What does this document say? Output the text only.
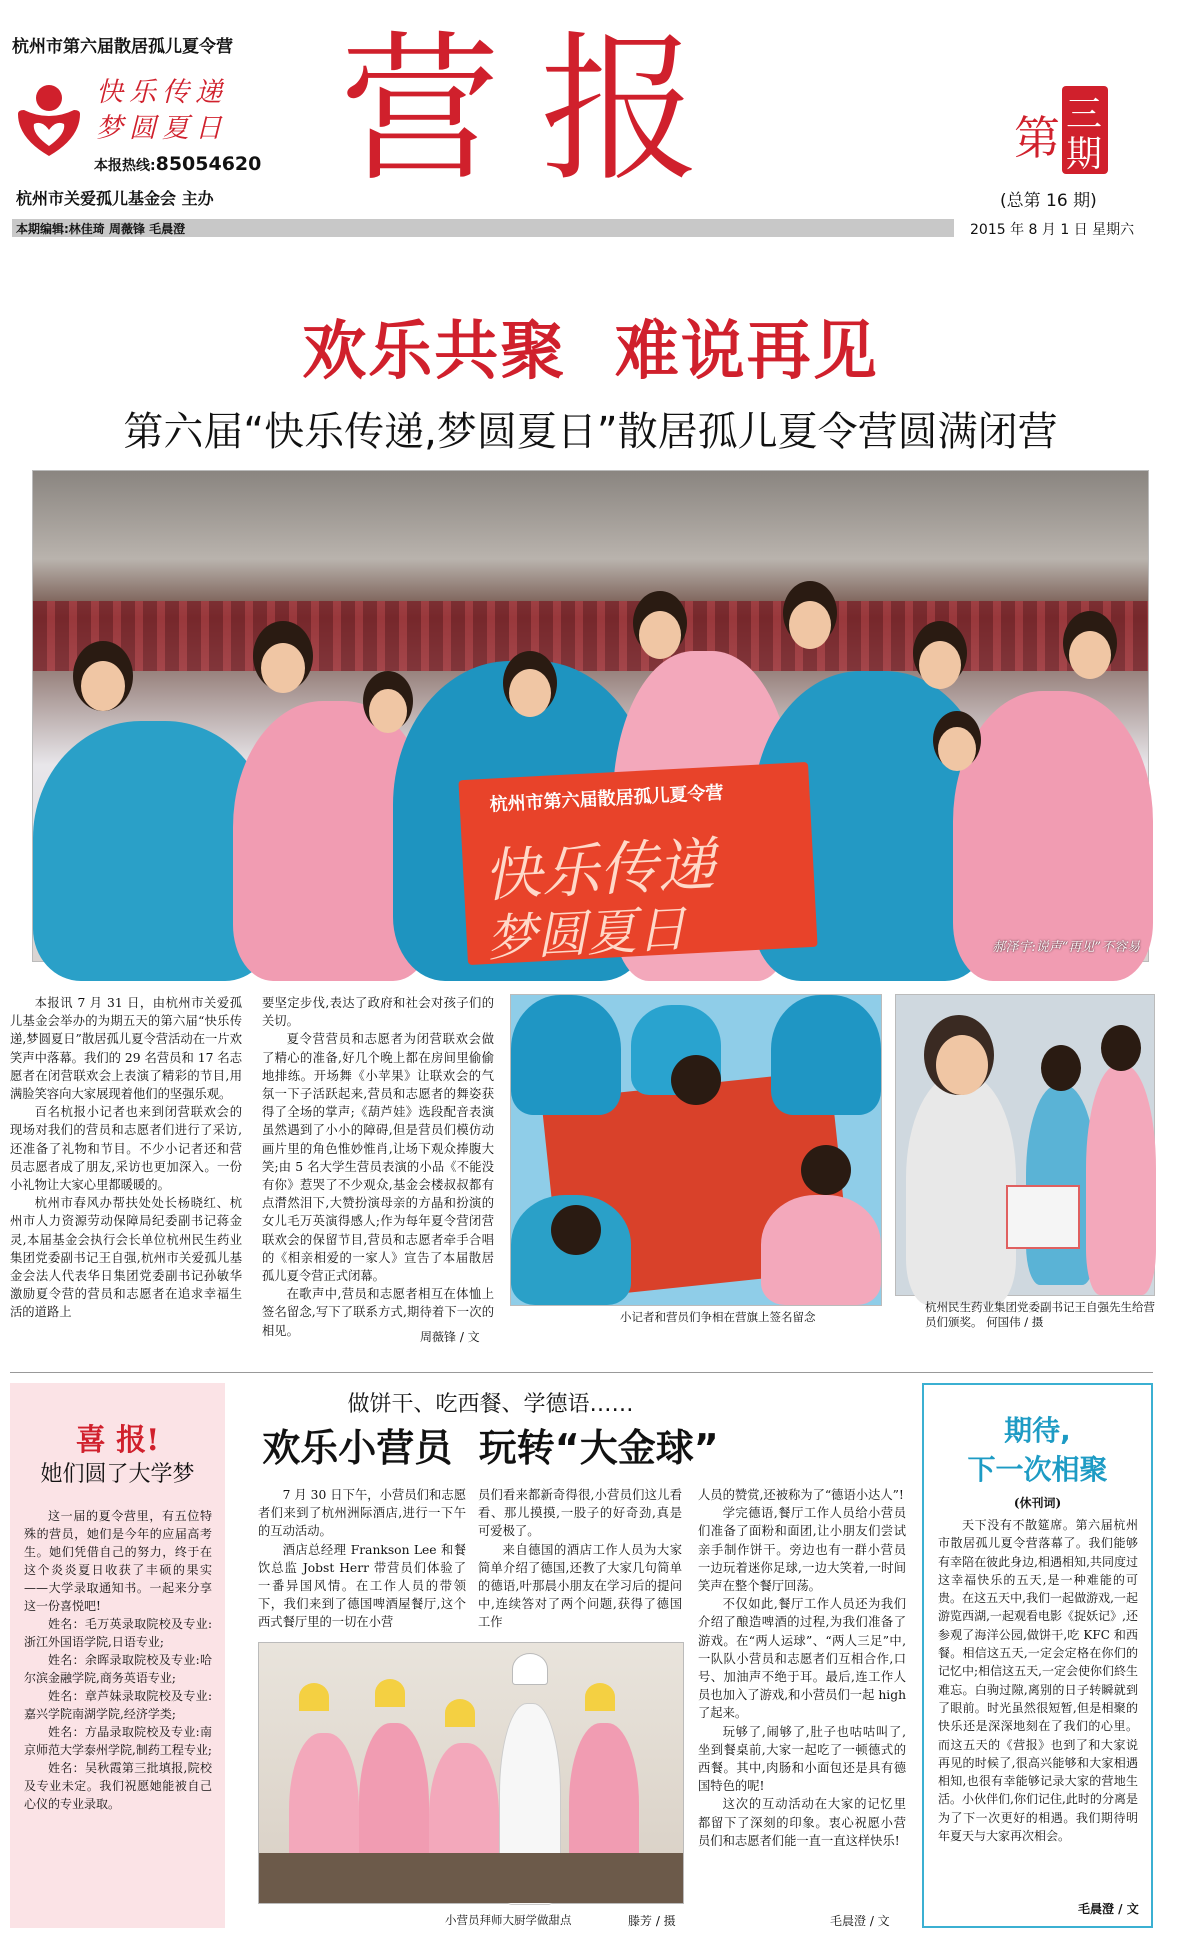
杭州市第六届散居孤儿夏令营
快乐传递
梦圆夏日
本报热线:85054620
杭州市关爱孤儿基金会 主办 营报	第 三
期
(总第 16 期)
本期编辑:林佳琦 周薇锋 毛晨澄	2015 年 8 月 1 日 星期六
欢乐共聚  难说再见
第六届“快乐传递,梦圆夏日”散居孤儿夏令营圆满闭营
杭州市第六届散居孤儿夏令营
快乐传递
梦圆夏日	郝泽宇:说声“再见”不容易

本报讯 7 月 31 日，由杭州市关爱孤儿基金会举办的为期五天的第六届“快乐传递,梦圆夏日”散居孤儿夏令营活动在一片欢笑声中落幕。我们的 29 名营员和 17 名志愿者在闭营联欢会上表演了精彩的节目,用满脸笑容向大家展现着他们的坚强乐观。

百名杭报小记者也来到闭营联欢会的现场对我们的营员和志愿者们进行了采访,还准备了礼物和节目。不少小记者还和营员志愿者成了朋友,采访也更加深入。一份小礼物让大家心里都暖暖的。

杭州市春风办帮扶处处长杨晓红、杭州市人力资源劳动保障局纪委副书记蒋金灵,本届基金会执行会长单位杭州民生药业集团党委副书记王自强,杭州市关爱孤儿基金会法人代表华日集团党委副书记孙敏华激励夏令营的营员和志愿者在追求幸福生活的道路上

要坚定步伐,表达了政府和社会对孩子们的关切。

夏令营营员和志愿者为闭营联欢会做了精心的准备,好几个晚上都在房间里偷偷地排练。开场舞《小苹果》让联欢会的气氛一下子活跃起来,营员和志愿者的舞姿获得了全场的掌声;《葫芦娃》选段配音表演虽然遇到了小小的障碍,但是营员们模仿动画片里的角色惟妙惟肖,让场下观众捧腹大笑;由 5 名大学生营员表演的小品《不能没有你》惹哭了不少观众,基金会楼叔叔都有点潸然泪下,大赞扮演母亲的方晶和扮演的女儿毛万英演得感人;作为每年夏令营闭营联欢会的保留节目,营员和志愿者牵手合唱的《相亲相爱的一家人》宣告了本届散居孤儿夏令营正式闭幕。

在歌声中,营员和志愿者相互在体恤上签名留念,写下了联系方式,期待着下一次的相见。	周薇锋 / 文
小记者和营员们争相在营旗上签名留念
杭州民生药业集团党委副书记王自强先生给营员们颁奖。 何国伟 / 摄
喜 报!
她们圆了大学梦

这一届的夏令营里，有五位特殊的营员，她们是今年的应届高考生。她们凭借自己的努力，终于在这个炎炎夏日收获了丰硕的果实——大学录取通知书。一起来分享这一份喜悦吧!

姓名：毛万英录取院校及专业:浙江外国语学院,日语专业;

姓名：余晖录取院校及专业:哈尔滨金融学院,商务英语专业;

姓名：章芦妹录取院校及专业:嘉兴学院南湖学院,经济学类;

姓名：方晶录取院校及专业:南京师范大学泰州学院,制药工程专业;

姓名：吴秋霞第三批填报,院校及专业未定。我们祝愿她能被自己心仪的专业录取。

做饼干、吃西餐、学德语……
欢乐小营员  玩转“大金球”

7 月 30 日下午，小营员们和志愿者们来到了杭州洲际酒店,进行一下午的互动活动。

酒店总经理 Frankson Lee 和餐饮总监 Jobst Herr 带营员们体验了一番异国风情。在工作人员的带领下，我们来到了德国啤酒屋餐厅,这个西式餐厅里的一切在小营

员们看来都新奇得很,小营员们这儿看看、那儿摸摸,一股子的好奇劲,真是可爱极了。

来自德国的酒店工作人员为大家简单介绍了德国,还教了大家几句简单的德语,叶那晨小朋友在学习后的提问中,连续答对了两个问题,获得了德国工作

人员的赞赏,还被称为了“德语小达人”!

学完德语,餐厅工作人员给小营员们准备了面粉和面团,让小朋友们尝试亲手制作饼干。旁边也有一群小营员一边玩着迷你足球,一边大笑着,一时间笑声在整个餐厅回荡。

不仅如此,餐厅工作人员还为我们介绍了酿造啤酒的过程,为我们准备了游戏。在“两人运球”、“两人三足”中,一队队小营员和志愿者们互相合作,口号、加油声不绝于耳。最后,连工作人员也加入了游戏,和小营员们一起 high 了起来。

玩够了,闹够了,肚子也咕咕叫了,坐到餐桌前,大家一起吃了一顿德式的西餐。其中,肉肠和小面包还是具有德国特色的呢!

这次的互动活动在大家的记忆里都留下了深刻的印象。衷心祝愿小营员们和志愿者们能一直一直这样快乐!

小营员拜师大厨学做甜点	滕芳 / 摄	毛晨澄 / 文
期待,
下一次相聚
(休刊词)

天下没有不散筵席。第六届杭州市散居孤儿夏令营落幕了。我们能够有幸陪在彼此身边,相遇相知,共同度过这幸福快乐的五天,是一种难能的可贵。在这五天中,我们一起做游戏,一起游览西湖,一起观看电影《捉妖记》,还参观了海洋公园,做饼干,吃 KFC 和西餐。相信这五天,一定会定格在你们的记忆中;相信这五天,一定会使你们終生难忘。白驹过隙,离别的日子转瞬就到了眼前。时光虽然很短暂,但是相聚的快乐还是深深地刻在了我们的心里。而这五天的《营报》也到了和大家说再见的时候了,很高兴能够和大家相遇相知,也很有幸能够记录大家的营地生活。小伙伴们,你们记住,此时的分离是为了下一次更好的相遇。我们期待明年夏天与大家再次相会。

毛晨澄 / 文
